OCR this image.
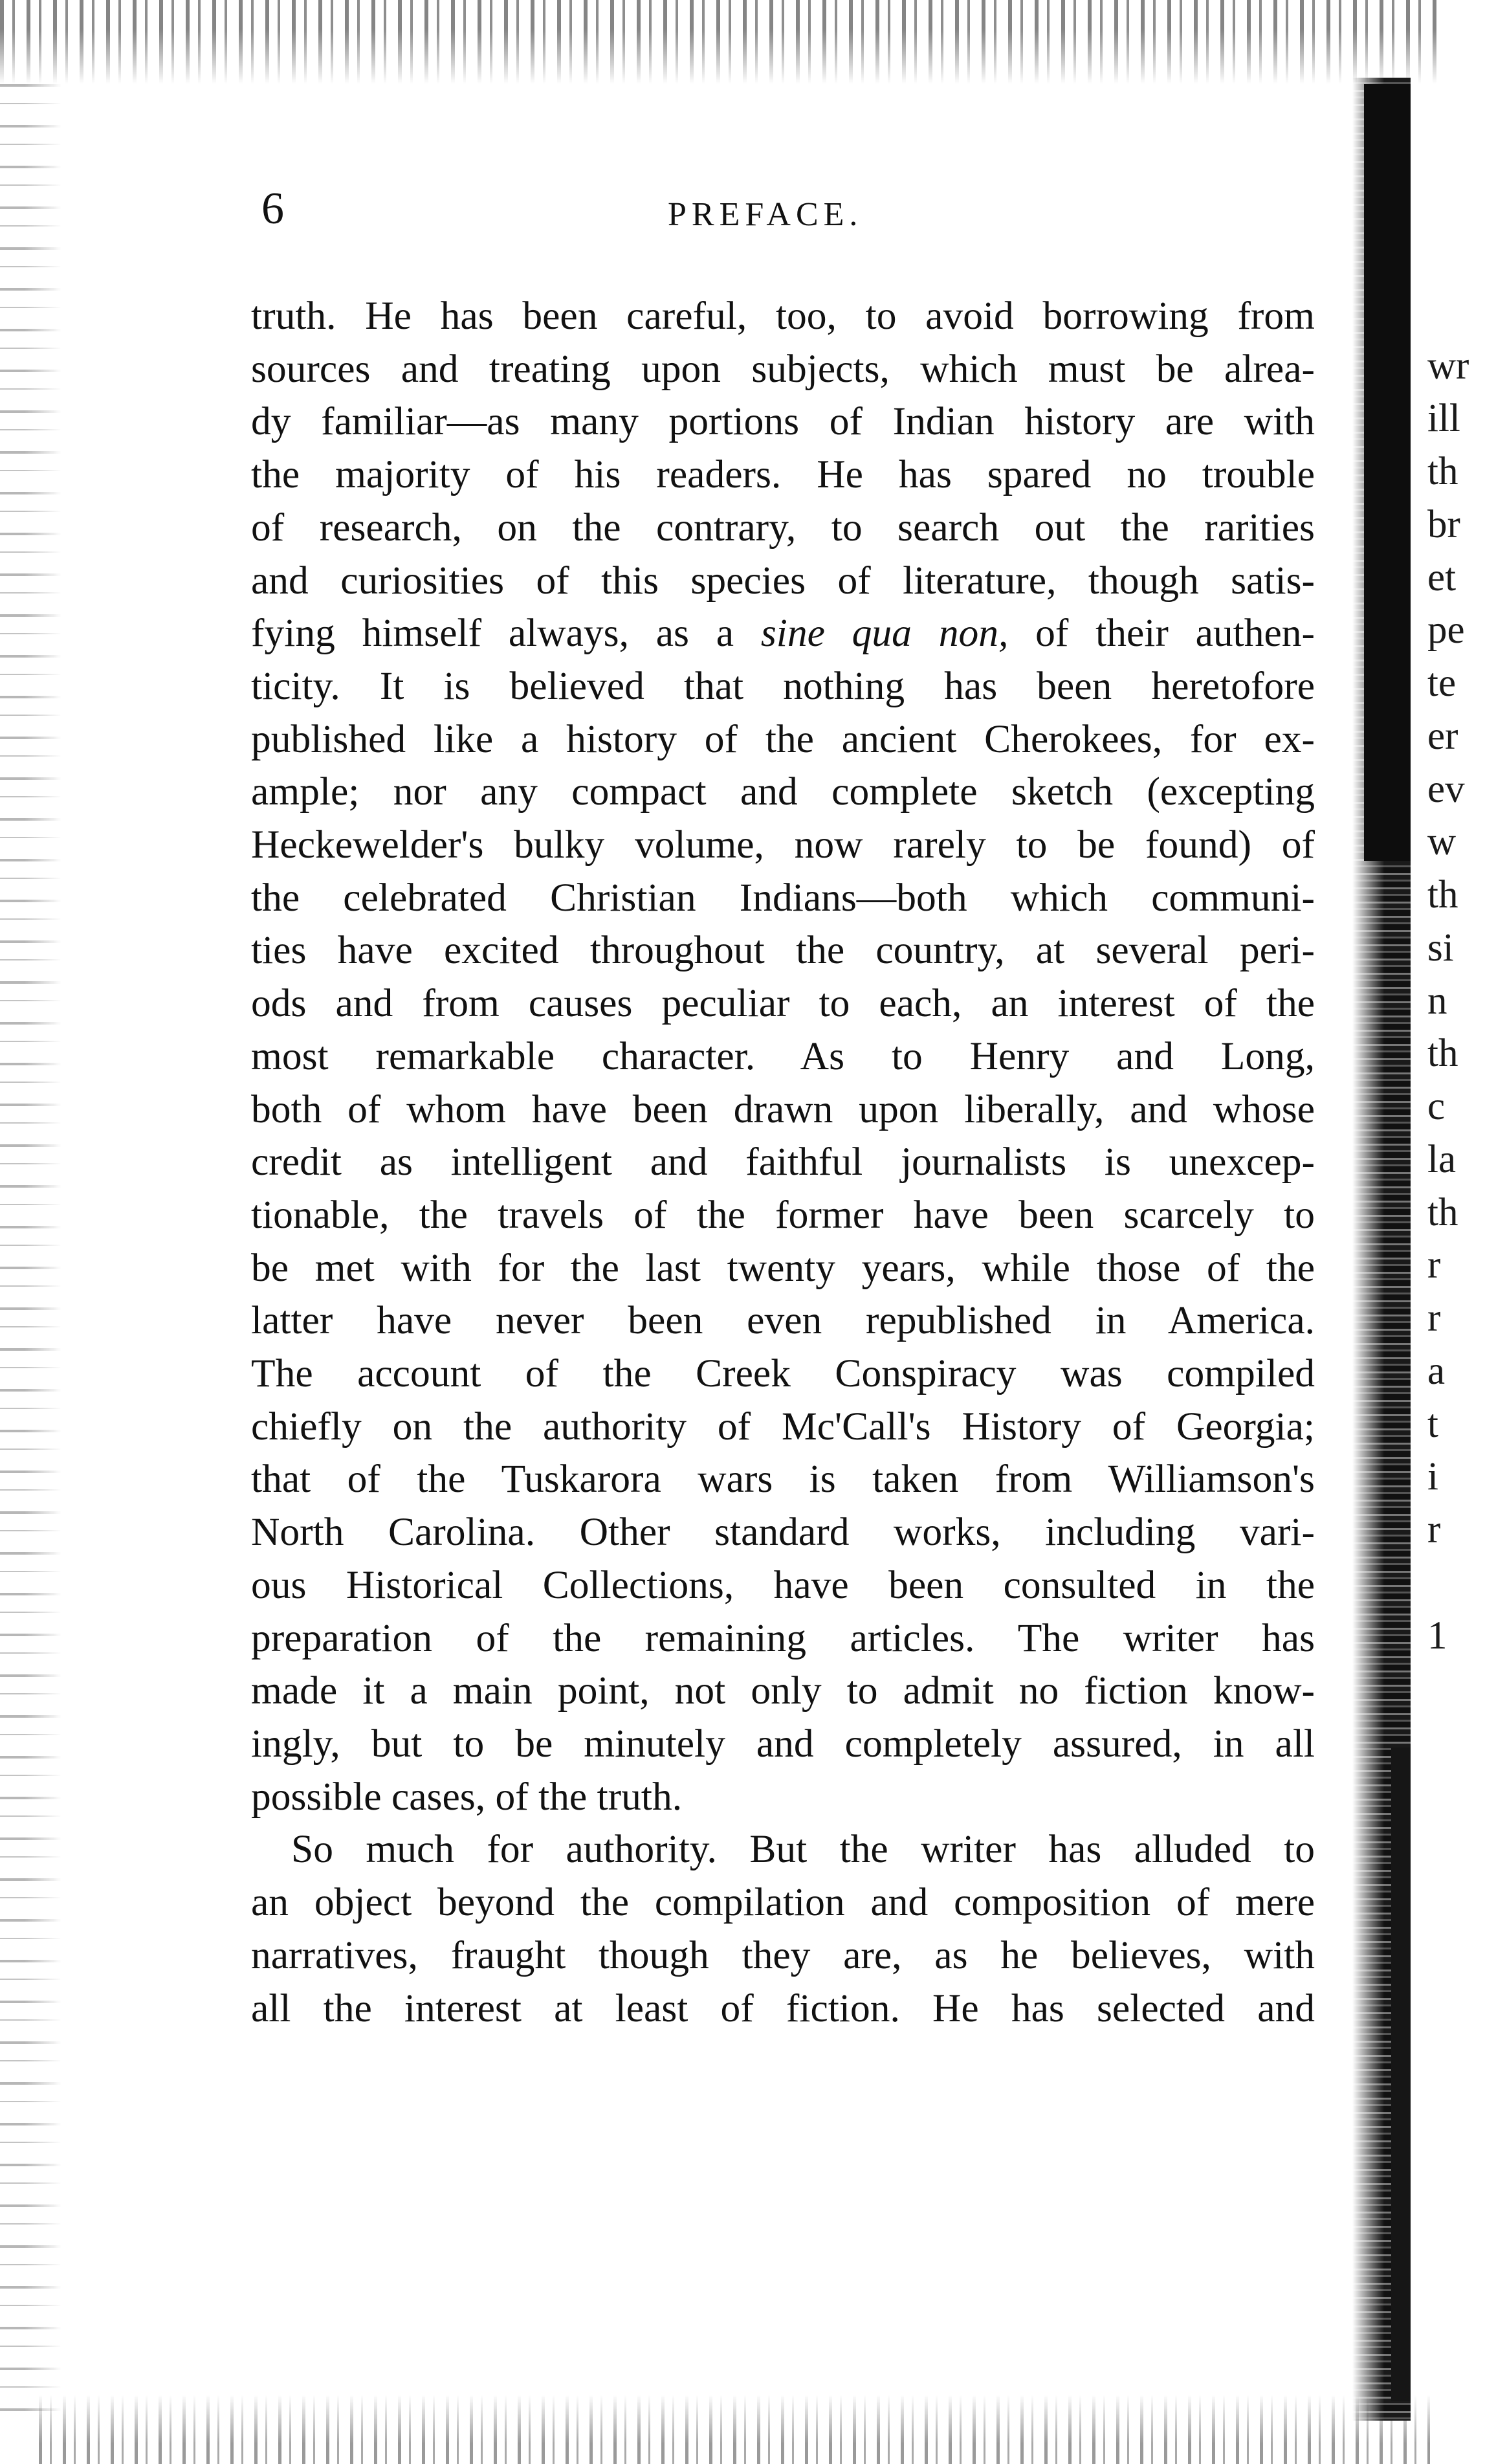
6	PREFACE.

truth. He has been careful, too, to avoid borrowing from

sources and treating upon subjects, which must be alrea-

dy familiar—as many portions of Indian history are with

the majority of his readers. He has spared no trouble

of research, on the contrary, to search out the rarities

and curiosities of this species of literature, though satis-

fying himself always, as a sine qua non, of their authen-

ticity. It is believed that nothing has been heretofore

published like a history of the ancient Cherokees, for ex-

ample; nor any compact and complete sketch (excepting

Heckewelder's bulky volume, now rarely to be found) of

the celebrated Christian Indians—both which communi-

ties have excited throughout the country, at several peri-

ods and from causes peculiar to each, an interest of the

most remarkable character. As to Henry and Long,

both of whom have been drawn upon liberally, and whose

credit as intelligent and faithful journalists is unexcep-

tionable, the travels of the former have been scarcely to

be met with for the last twenty years, while those of the

latter have never been even republished in America.

The account of the Creek Conspiracy was compiled

chiefly on the authority of Mc'Call's History of Georgia;

that of the Tuskarora wars is taken from Williamson's

North Carolina. Other standard works, including vari-

ous Historical Collections, have been consulted in the

preparation of the remaining articles. The writer has

made it a main point, not only to admit no fiction know-

ingly, but to be minutely and completely assured, in all

possible cases, of the truth.

So much for authority. But the writer has alluded to

an object beyond the compilation and composition of mere

narratives, fraught though they are, as he believes, with

all the interest at least of fiction. He has selected and

wr
ill
th
br
et
pe
te
er
ev
w
th
si
n
th
c
la
th
r
r
a
t
i
r
1
